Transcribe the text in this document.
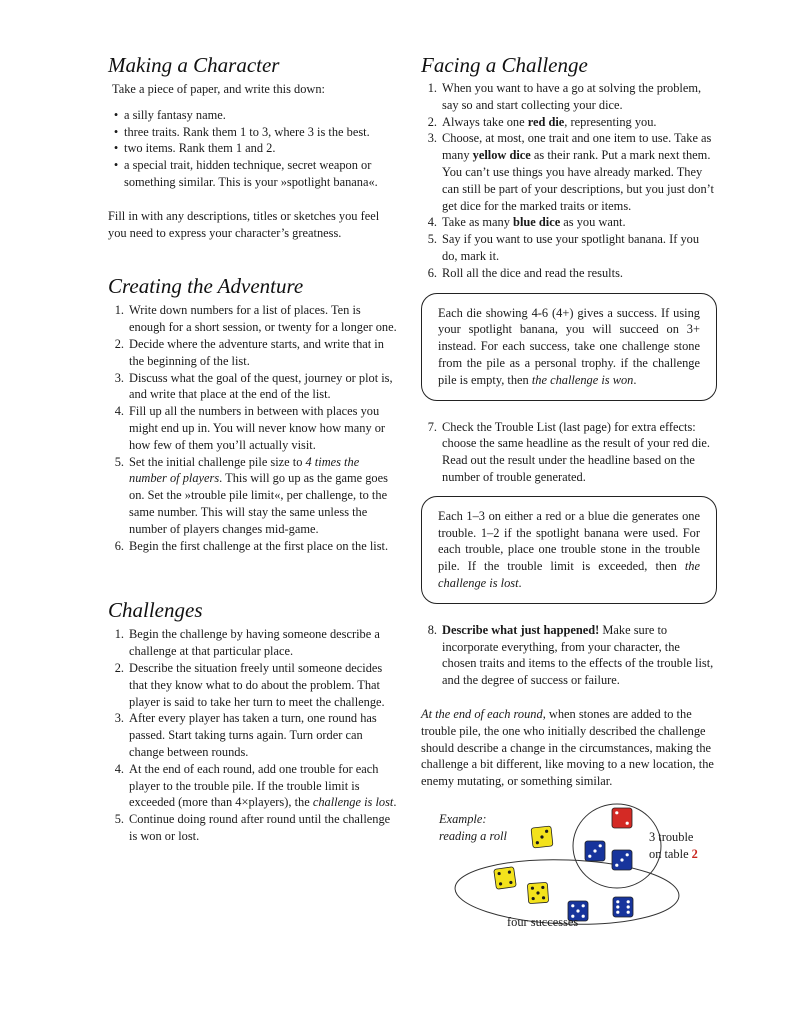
Making a Character

Take a piece of paper, and write this down:

• a silly fantasy name.
• three traits. Rank them 1 to 3, where 3 is the best.
• two items. Rank them 1 and 2.
• a special trait, hidden technique, secret weapon or something similar. This is your »spotlight banana«.

Fill in with any descriptions, titles or sketches you feel you need to express your character’s greatness.

Creating the Adventure
1. Write down numbers for a list of places. Ten is enough for a short session, or twenty for a longer one.
2. Decide where the adventure starts, and write that in the beginning of the list.
3. Discuss what the goal of the quest, journey or plot is, and write that place at the end of the list.
4. Fill up all the numbers in between with places you might end up in. You will never know how many or how few of them you’ll actually visit.
5. Set the initial challenge pile size to 4 times the number of players. This will go up as the game goes on. Set the »trouble pile limit«, per challenge, to the same number. This will stay the same unless the number of players changes mid-game.
6. Begin the first challenge at the first place on the list.
Challenges
1. Begin the challenge by having someone describe a challenge at that particular place.
2. Describe the situation freely until someone decides that they know what to do about the problem. That player is said to take her turn to meet the challenge.
3. After every player has taken a turn, one round has passed. Start taking turns again. Turn order can change between rounds.
4. At the end of each round, add one trouble for each player to the trouble pile. If the trouble limit is exceeded (more than 4×players), the challenge is lost.
5. Continue doing round after round until the challenge is won or lost.
Facing a Challenge
1. When you want to have a go at solving the problem, say so and start collecting your dice.
2. Always take one red die, representing you.
3. Choose, at most, one trait and one item to use. Take as many yellow dice as their rank. Put a mark next them. You can’t use things you have already marked. They can still be part of your descriptions, but you just don’t get dice for the marked traits or items.
4. Take as many blue dice as you want.
5. Say if you want to use your spotlight banana. If you do, mark it.
6. Roll all the dice and read the results.
Each die showing 4-6 (4+) gives a success. If using your spotlight banana, you will succeed on 3+ instead. For each success, take one challenge stone from the pile as a personal trophy. if the challenge pile is empty, then the challenge is won.
7. Check the Trouble List (last page) for extra effects: choose the same headline as the result of your red die. Read out the result under the headline based on the number of trouble generated.
Each 1–3 on either a red or a blue die generates one trouble. 1–2 if the spotlight banana were used. For each trouble, place one trouble stone in the trouble pile. If the trouble limit is exceeded, then the challenge is lost.
8. Describe what just happened! Make sure to incorporate everything, from your character, the chosen traits and items to the effects of the trouble list, and the degree of success or failure.

At the end of each round, when stones are added to the trouble pile, the one who initially described the challenge should describe a change in the circumstances, making the challenge a bit different, like moving to a new location, the enemy mutating, or something similar.

Example:
reading a roll	3 trouble
on table 2
four successes
